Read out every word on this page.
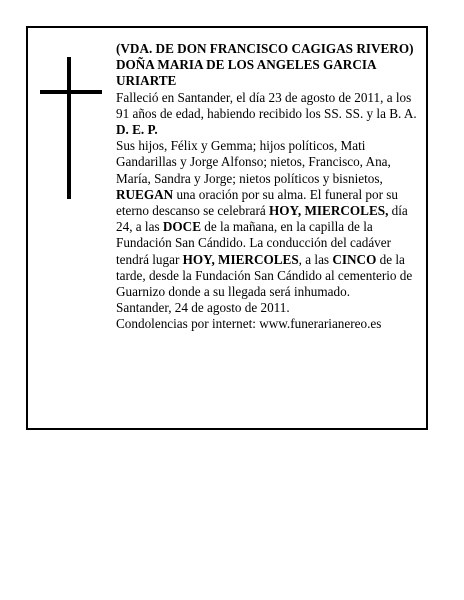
(VDA. DE DON FRANCISCO CAGIGAS RIVERO)

DOÑA MARIA DE LOS ANGELES GARCIA URIARTE

Falleció en Santander, el día 23 de agosto de 2011, a los 91 años de edad, habiendo recibido los SS. SS. y la B. A.

D. E. P.

Sus hijos, Félix y Gemma; hijos políticos, Mati Gandarillas y Jorge Alfonso; nietos, Francisco, Ana, María, Sandra y Jorge; nietos políticos y bisnietos, RUEGAN una oración por su alma. El funeral por su eterno descanso se celebrará HOY, MIERCOLES, día 24, a las DOCE de la mañana, en la capilla de la Fundación San Cándido. La conducción del cadáver tendrá lugar HOY, MIERCOLES, a las CINCO de la tarde, desde la Fundación San Cándido al cementerio de Guarnizo donde a su llegada será inhumado.

Santander, 24 de agosto de 2011.

Condolencias por internet: www.funerarianereo.es
